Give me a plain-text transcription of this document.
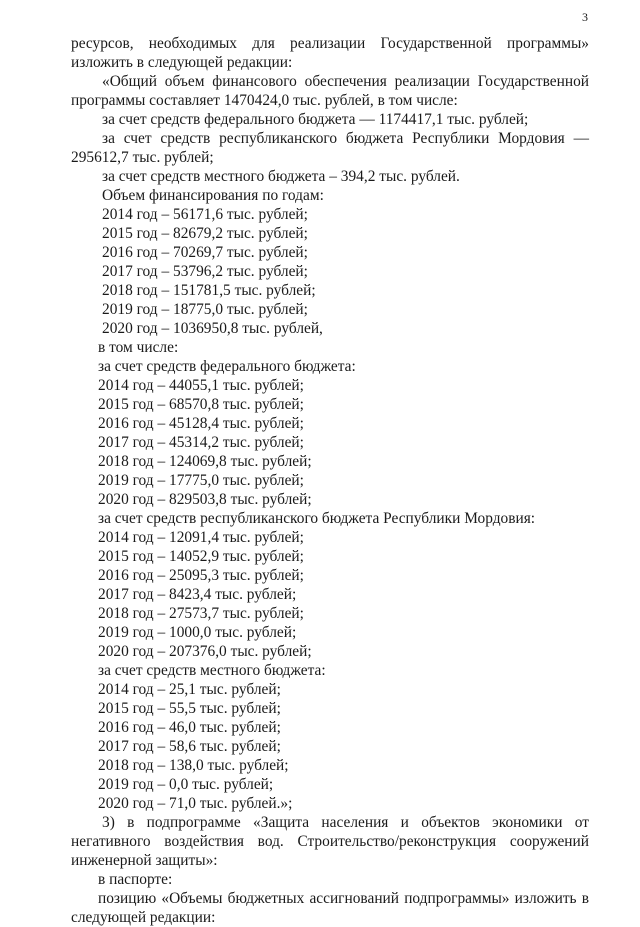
3
ресурсов, необходимых для реализации Государственной программы»
изложить в следующей редакции:
«Общий объем финансового обеспечения реализации Государственной
программы составляет 1470424,0 тыс. рублей, в том числе:
за счет средств федерального бюджета — 1174417,1 тыс. рублей;
за счет средств республиканского бюджета Республики Мордовия —
295612,7 тыс. рублей;
за счет средств местного бюджета – 394,2 тыс. рублей.
Объем финансирования по годам:
2014 год – 56171,6 тыс. рублей;
2015 год – 82679,2 тыс. рублей;
2016 год – 70269,7 тыс. рублей;
2017 год – 53796,2 тыс. рублей;
2018 год – 151781,5 тыс. рублей;
2019 год – 18775,0 тыс. рублей;
2020 год – 1036950,8 тыс. рублей,
в том числе:
за счет средств федерального бюджета:
2014 год – 44055,1 тыс. рублей;
2015 год – 68570,8 тыс. рублей;
2016 год – 45128,4 тыс. рублей;
2017 год – 45314,2 тыс. рублей;
2018 год – 124069,8 тыс. рублей;
2019 год – 17775,0 тыс. рублей;
2020 год – 829503,8 тыс. рублей;
за счет средств республиканского бюджета Республики Мордовия:
2014 год – 12091,4 тыс. рублей;
2015 год – 14052,9 тыс. рублей;
2016 год – 25095,3 тыс. рублей;
2017 год – 8423,4 тыс. рублей;
2018 год – 27573,7 тыс. рублей;
2019 год – 1000,0 тыс. рублей;
2020 год – 207376,0 тыс. рублей;
за счет средств местного бюджета:
2014 год – 25,1 тыс. рублей;
2015 год – 55,5 тыс. рублей;
2016 год – 46,0 тыс. рублей;
2017 год – 58,6 тыс. рублей;
2018 год – 138,0 тыс. рублей;
2019 год – 0,0 тыс. рублей;
2020 год – 71,0 тыс. рублей.»;
3) в подпрограмме «Защита населения и объектов экономики от
негативного воздействия вод. Строительство/реконструкция сооружений
инженерной защиты»:
в паспорте:
позицию «Объемы бюджетных ассигнований подпрограммы» изложить в
следующей редакции:
